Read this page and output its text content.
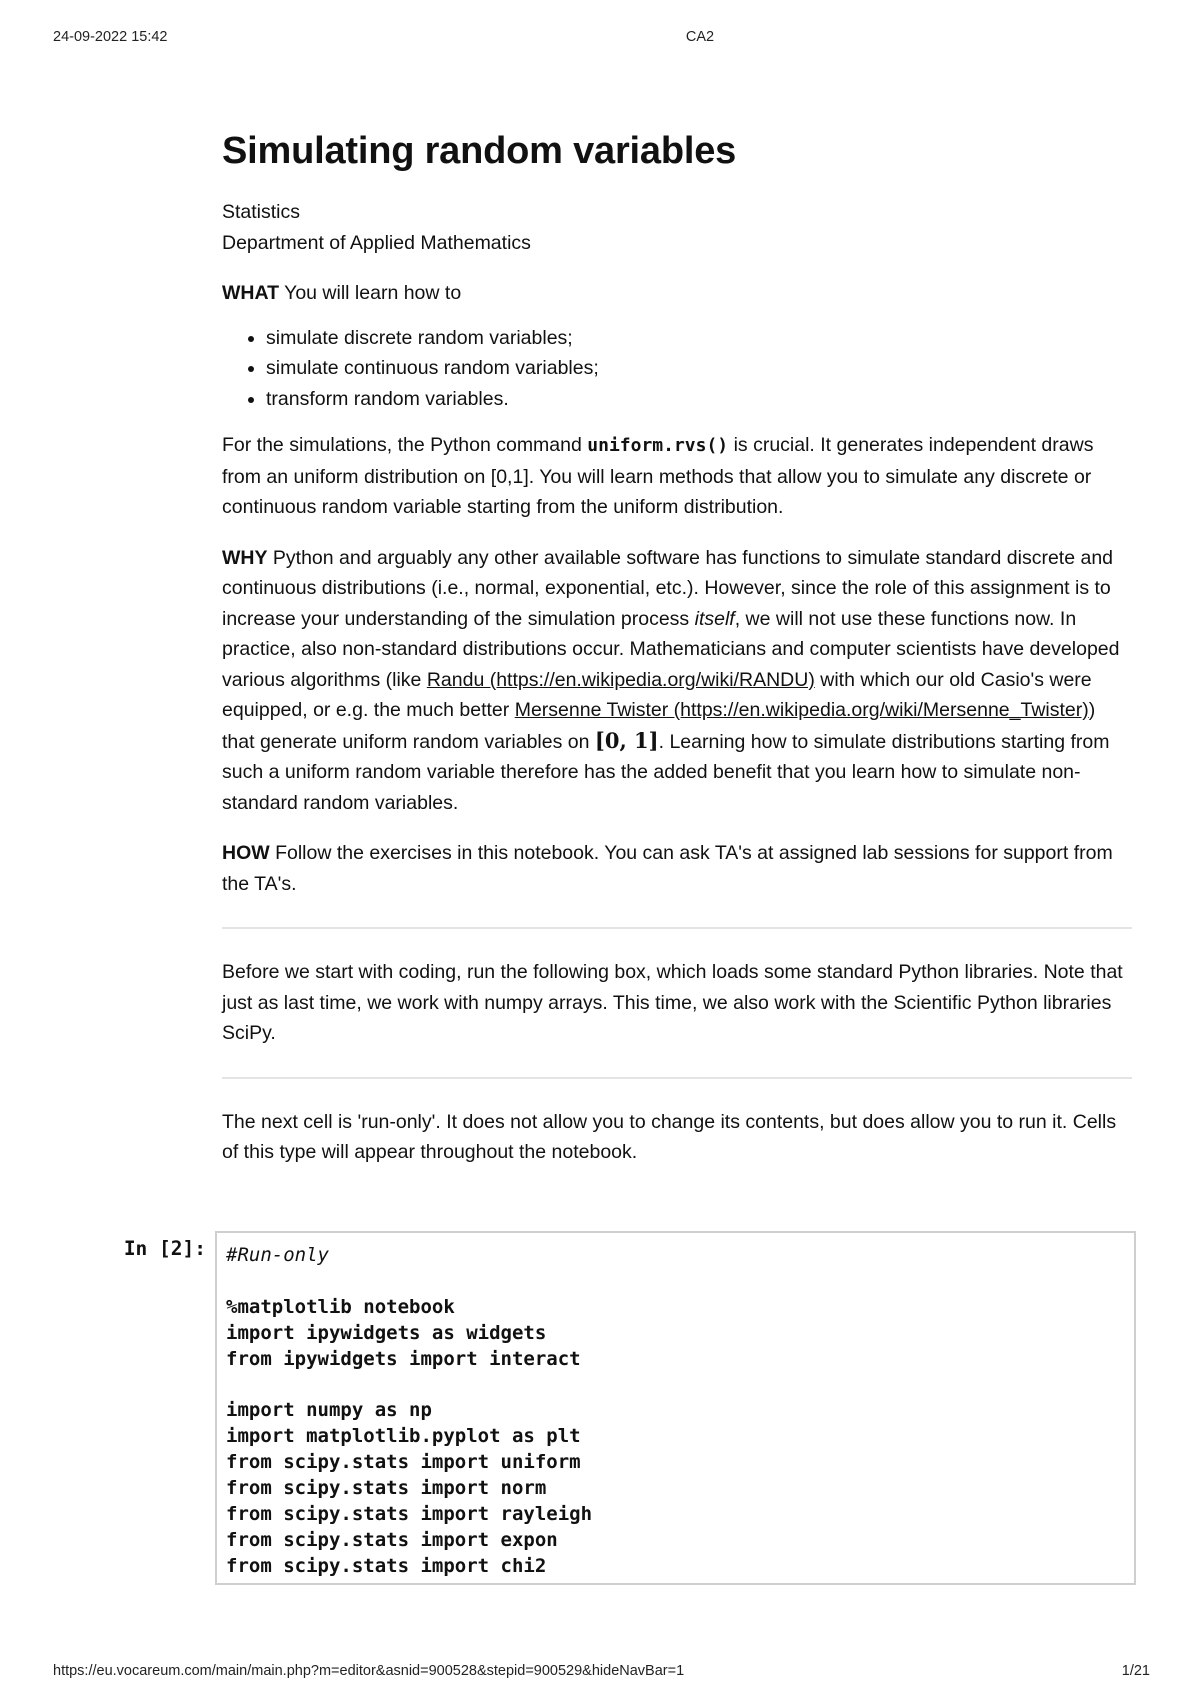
24-09-2022 15:42	CA2
Simulating random variables

Statistics
Department of Applied Mathematics

WHAT You will learn how to

• simulate discrete random variables;
• simulate continuous random variables;
• transform random variables.

For the simulations, the Python command uniform.rvs() is crucial. It generates independent draws from an uniform distribution on [0,1]. You will learn methods that allow you to simulate any discrete or continuous random variable starting from the uniform distribution.

WHY Python and arguably any other available software has functions to simulate standard discrete and continuous distributions (i.e., normal, exponential, etc.). However, since the role of this assignment is to increase your understanding of the simulation process itself, we will not use these functions now. In practice, also non-standard distributions occur. Mathematicians and computer scientists have developed various algorithms (like Randu (https://en.wikipedia.org/wiki/RANDU) with which our old Casio's were equipped, or e.g. the much better Mersenne Twister (https://en.wikipedia.org/wiki/Mersenne_Twister)) that generate uniform random variables on [0, 1]. Learning how to simulate distributions starting from such a uniform random variable therefore has the added benefit that you learn how to simulate non-standard random variables.

HOW Follow the exercises in this notebook. You can ask TA's at assigned lab sessions for support from the TA's.

Before we start with coding, run the following box, which loads some standard Python libraries. Note that just as last time, we work with numpy arrays. This time, we also work with the Scientific Python libraries SciPy.

The next cell is 'run-only'. It does not allow you to change its contents, but does allow you to run it. Cells of this type will appear throughout the notebook.

In [2]: #Run-only

%matplotlib notebook
import ipywidgets as widgets
from ipywidgets import interact

import numpy as np
import matplotlib.pyplot as plt
from scipy.stats import uniform
from scipy.stats import norm
from scipy.stats import rayleigh
from scipy.stats import expon
from scipy.stats import chi2
https://eu.vocareum.com/main/main.php?m=editor&asnid=900528&stepid=900529&hideNavBar=1	1/21
